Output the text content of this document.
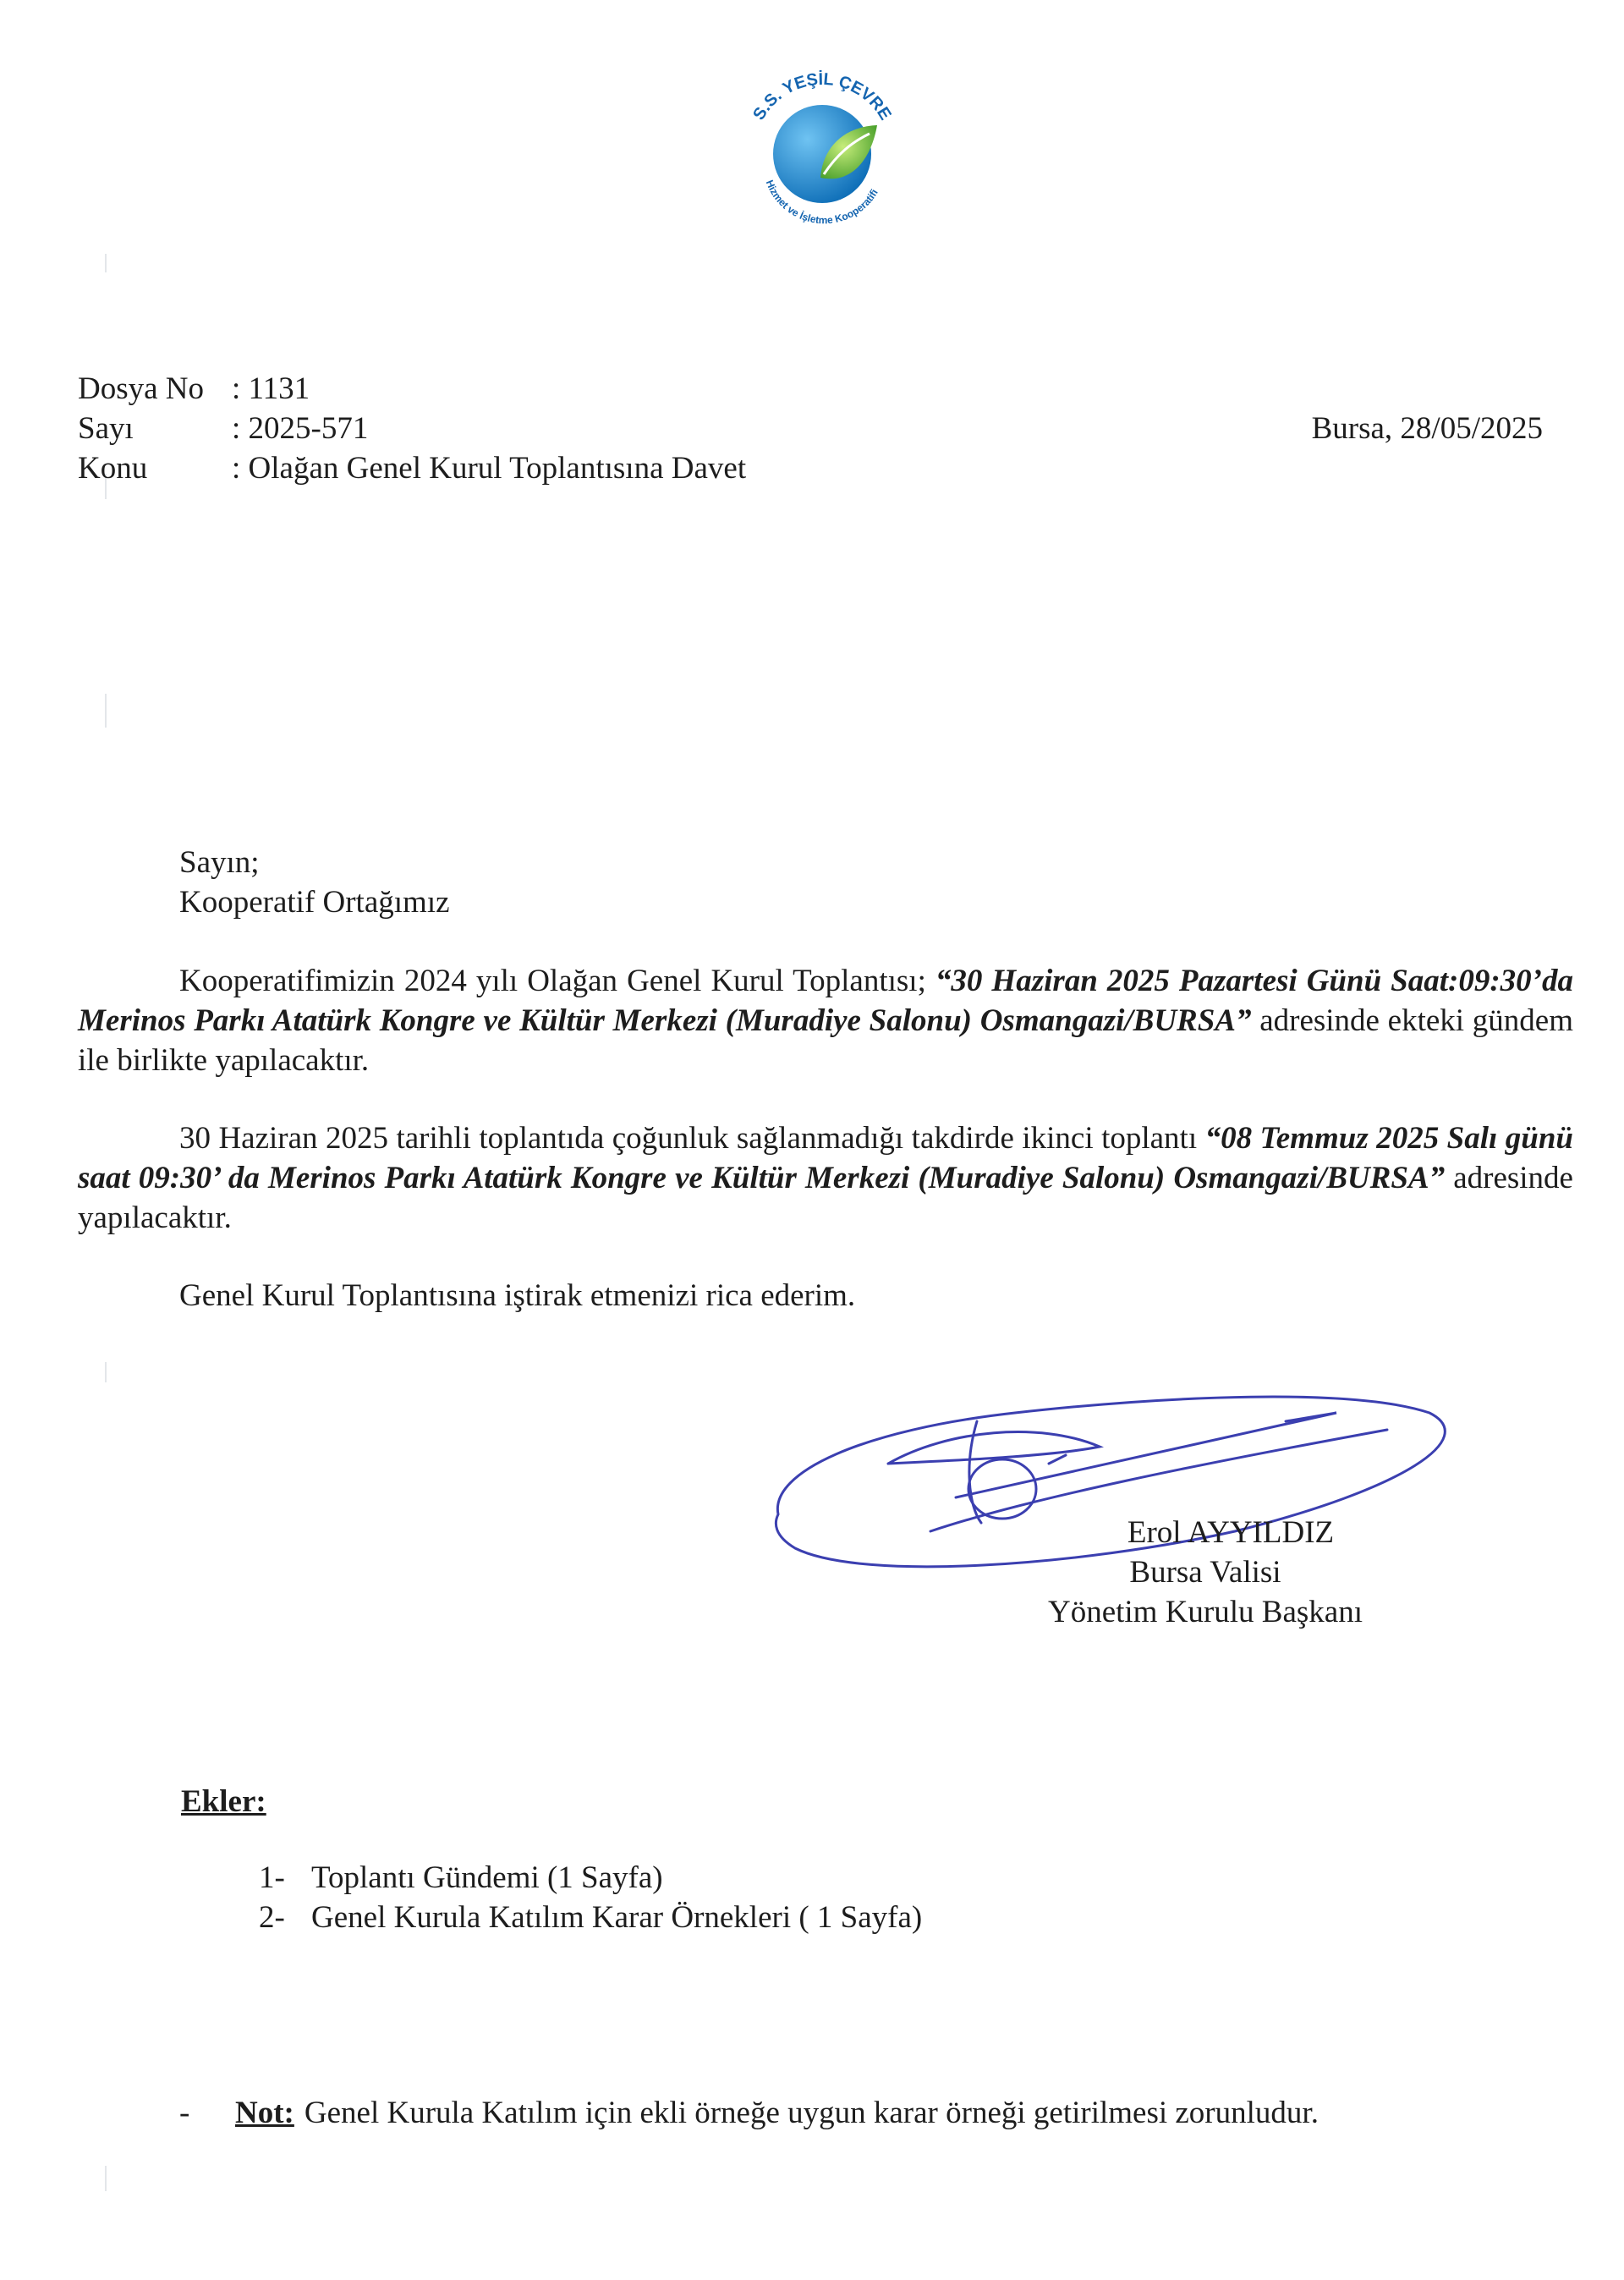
S.S. YEŞİL ÇEVRE
Hizmet ve İşletme Kooperatifi
Dosya No : 1131
Sayı	: 2025-571
Konu	: Olağan Genel Kurul Toplantısına Davet
Bursa, 28/05/2025
Sayın;
Kooperatif Ortağımız
Kooperatifimizin 2024 yılı Olağan Genel Kurul Toplantısı; “30 Haziran 2025 Pazartesi Günü Saat:09:30’da Merinos Parkı Atatürk Kongre ve Kültür Merkezi (Muradiye Salonu) Osmangazi/BURSA” adresinde ekteki gündem ile birlikte yapılacaktır.
30 Haziran 2025 tarihli toplantıda çoğunluk sağlanmadığı takdirde ikinci toplantı “08 Temmuz 2025 Salı günü saat 09:30’ da Merinos Parkı Atatürk Kongre ve Kültür Merkezi (Muradiye Salonu) Osmangazi/BURSA” adresinde yapılacaktır.
Genel Kurul Toplantısına iştirak etmenizi rica ederim.
Erol AYYILDIZ
Bursa Valisi
Yönetim Kurulu Başkanı
Ekler:
1- Toplantı Gündemi (1 Sayfa)
2- Genel Kurula Katılım Karar Örnekleri ( 1 Sayfa)
-	Not: Genel Kurula Katılım için ekli örneğe uygun karar örneği getirilmesi zorunludur.
